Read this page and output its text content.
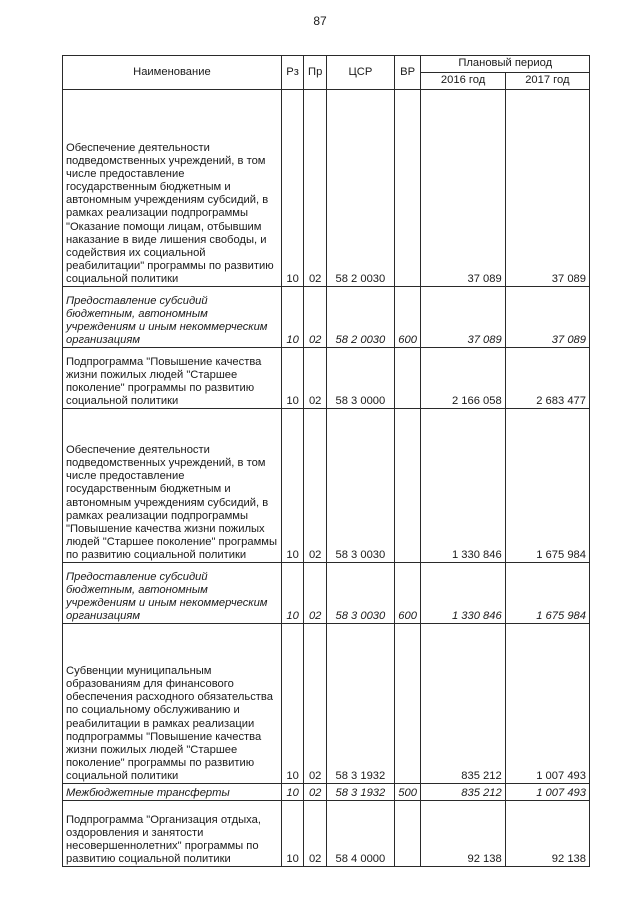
87
Наименование	Рз	Пр	ЦСР	ВР	Плановый период	
					2016 год	2017 год
Обеспечение деятельности подведомственных учреждений, в том числе предоставление государственным бюджетным и автономным учреждениям субсидий, в рамках реализации подпрограммы "Оказание помощи лицам, отбывшим наказание в виде лишения свободы, и содействия их социальной реабилитации" программы по развитию социальной политики	10	02	58 2 0030		37 089	37 089
Предоставление субсидий бюджетным, автономным учреждениям и иным некоммерческим организациям	10	02	58 2 0030	600	37 089	37 089
Подпрограмма "Повышение качества жизни пожилых людей "Старшее поколение" программы по развитию социальной политики	10	02	58 3 0000		2 166 058	2 683 477
Обеспечение деятельности подведомственных учреждений, в том числе предоставление государственным бюджетным и автономным учреждениям субсидий, в рамках реализации подпрограммы "Повышение качества жизни пожилых людей "Старшее поколение" программы по развитию социальной политики	10	02	58 3 0030		1 330 846	1 675 984
Предоставление субсидий бюджетным, автономным учреждениям и иным некоммерческим организациям	10	02	58 3 0030	600	1 330 846	1 675 984
Субвенции муниципальным образованиям для финансового обеспечения расходного обязательства по социальному обслуживанию и реабилитации в рамках реализации подпрограммы "Повышение качества жизни пожилых людей "Старшее поколение" программы по развитию социальной политики	10	02	58 3 1932		835 212	1 007 493
Межбюджетные трансферты	10	02	58 3 1932	500	835 212	1 007 493
Подпрограмма "Организация отдыха, оздоровления и занятости несовершеннолетних" программы по развитию социальной политики	10	02	58 4 0000		92 138	92 138
